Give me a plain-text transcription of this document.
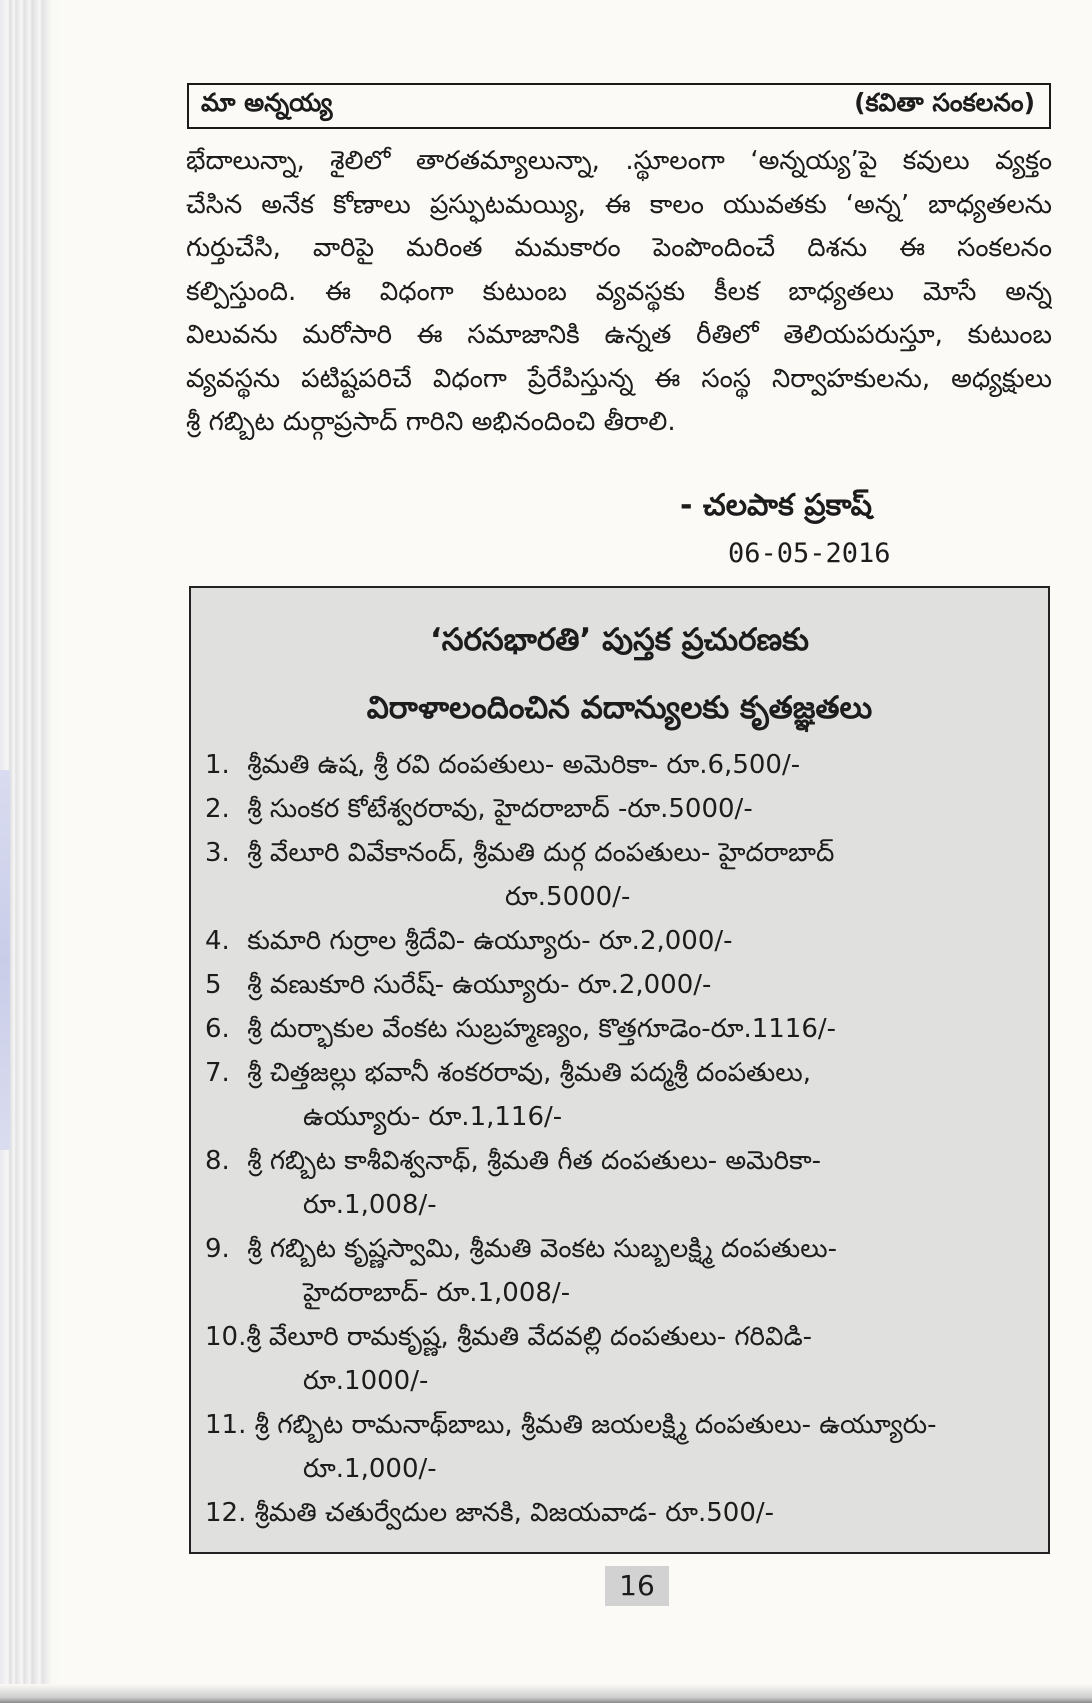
మా అన్నయ్య	(కవితా సంకలనం)

భేదాలున్నా, శైలిలో తారతమ్యాలున్నా, .స్థూలంగా ‘అన్నయ్య’పై కవులు వ్యక్తం

చేసిన అనేక కోణాలు ప్రస్ఫుటమయ్యి, ఈ కాలం యువతకు ‘అన్న’ బాధ్యతలను

గుర్తుచేసి, వారిపై మరింత మమకారం పెంపొందించే దిశను ఈ సంకలనం

కల్పిస్తుంది. ఈ విధంగా కుటుంబ వ్యవస్థకు కీలక బాధ్యతలు మోసే అన్న

విలువను మరోసారి ఈ సమాజానికి ఉన్నత రీతిలో తెలియపరుస్తూ, కుటుంబ

వ్యవస్థను పటిష్టపరిచే విధంగా ప్రేరేపిస్తున్న ఈ సంస్థ నిర్వాహకులను, అధ్యక్షులు

శ్రీ గబ్బిట దుర్గాప్రసాద్ గారిని అభినందించి తీరాలి.

- చలపాక ప్రకాష్
06-05-2016
‘సరసభారతి’ పుస్తక ప్రచురణకు
విరాళాలందించిన వదాన్యులకు కృతజ్ఞతలు
1. శ్రీమతి ఉష, శ్రీ రవి దంపతులు- అమెరికా- రూ.6,500/-
2. శ్రీ సుంకర కోటేశ్వరరావు, హైదరాబాద్ -రూ.5000/-
3. శ్రీ వేలూరి వివేకానంద్, శ్రీమతి దుర్గ దంపతులు- హైదరాబాద్
రూ.5000/-
4. కుమారి గుర్రాల శ్రీదేవి- ఉయ్యూరు- రూ.2,000/-
5 శ్రీ వణుకూరి సురేష్- ఉయ్యూరు- రూ.2,000/-
6. శ్రీ దుర్భాకుల వేంకట సుబ్రహ్మణ్యం, కొత్తగూడెం-రూ.1116/-
7. శ్రీ చిత్తజల్లు భవానీ శంకరరావు, శ్రీమతి పద్మశ్రీ దంపతులు,
ఉయ్యూరు- రూ.1,116/-
8. శ్రీ గబ్బిట కాశీవిశ్వనాథ్, శ్రీమతి గీత దంపతులు- అమెరికా-
రూ.1,008/-
9. శ్రీ గబ్బిట కృష్ణస్వామి, శ్రీమతి వెంకట సుబ్బలక్ష్మి దంపతులు-
హైదరాబాద్- రూ.1,008/-
10.శ్రీ వేలూరి రామకృష్ణ, శ్రీమతి వేదవల్లి దంపతులు- గరివిడి-
రూ.1000/-
11. శ్రీ గబ్బిట రామనాథ్‌బాబు, శ్రీమతి జయలక్ష్మి దంపతులు- ఉయ్యూరు-
రూ.1,000/-
12. శ్రీమతి చతుర్వేదుల జానకి, విజయవాడ- రూ.500/-
16
